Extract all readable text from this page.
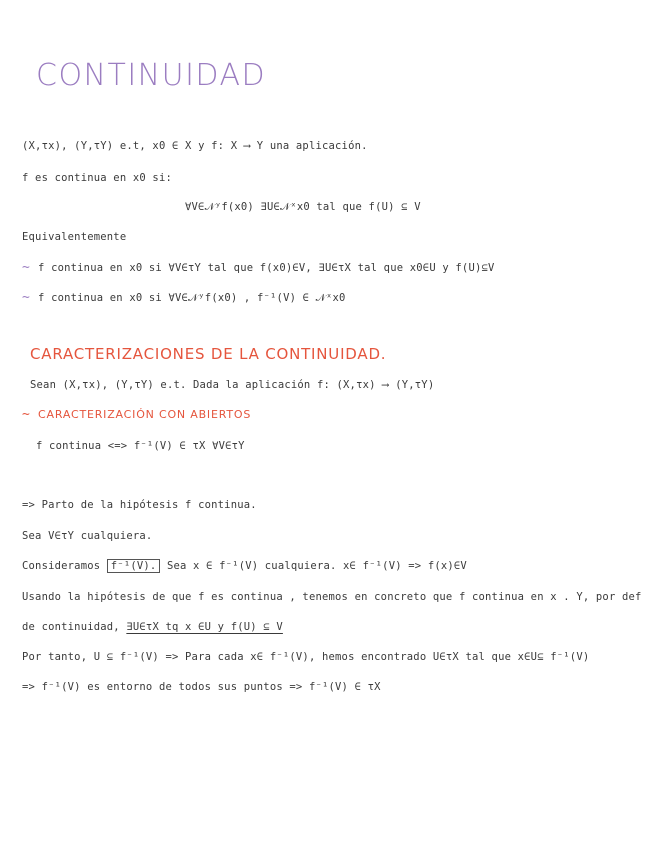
CONTINUIDAD
(X,τx), (Y,τY) e.t, x0 ∈ X y f: X ⟶ Y una aplicación.
f es continua en x0 si:
∀V∈𝒩ʸf(x0) ∃U∈𝒩ˣx0 tal que f(U) ⊆ V
Equivalentemente
~ f continua en x0 si ∀V∈τY tal que f(x0)∈V, ∃U∈τX tal que x0∈U y f(U)⊆V
~ f continua en x0 si ∀V∈𝒩ʸf(x0) , f⁻¹(V) ∈ 𝒩ˣx0
CARACTERIZACIONES DE LA CONTINUIDAD.
Sean (X,τx), (Y,τY) e.t. Dada la aplicación f: (X,τx) ⟶ (Y,τY)
~ CARACTERIZACIÓN CON ABIERTOS
f continua <=> f⁻¹(V) ∈ τX ∀V∈τY
=> Parto de la hipótesis f continua.
Sea V∈τY cualquiera.
Consideramos f⁻¹(V). Sea x ∈ f⁻¹(V) cualquiera. x∈ f⁻¹(V) => f(x)∈V
Usando la hipótesis de que f es continua , tenemos en concreto que f continua en x . Y, por def
de continuidad, ∃U∈τX tq x ∈U y f(U) ⊆ V
Por tanto, U ⊆ f⁻¹(V) => Para cada x∈ f⁻¹(V), hemos encontrado U∈τX tal que x∈U⊆ f⁻¹(V)
=> f⁻¹(V) es entorno de todos sus puntos => f⁻¹(V) ∈ τX
